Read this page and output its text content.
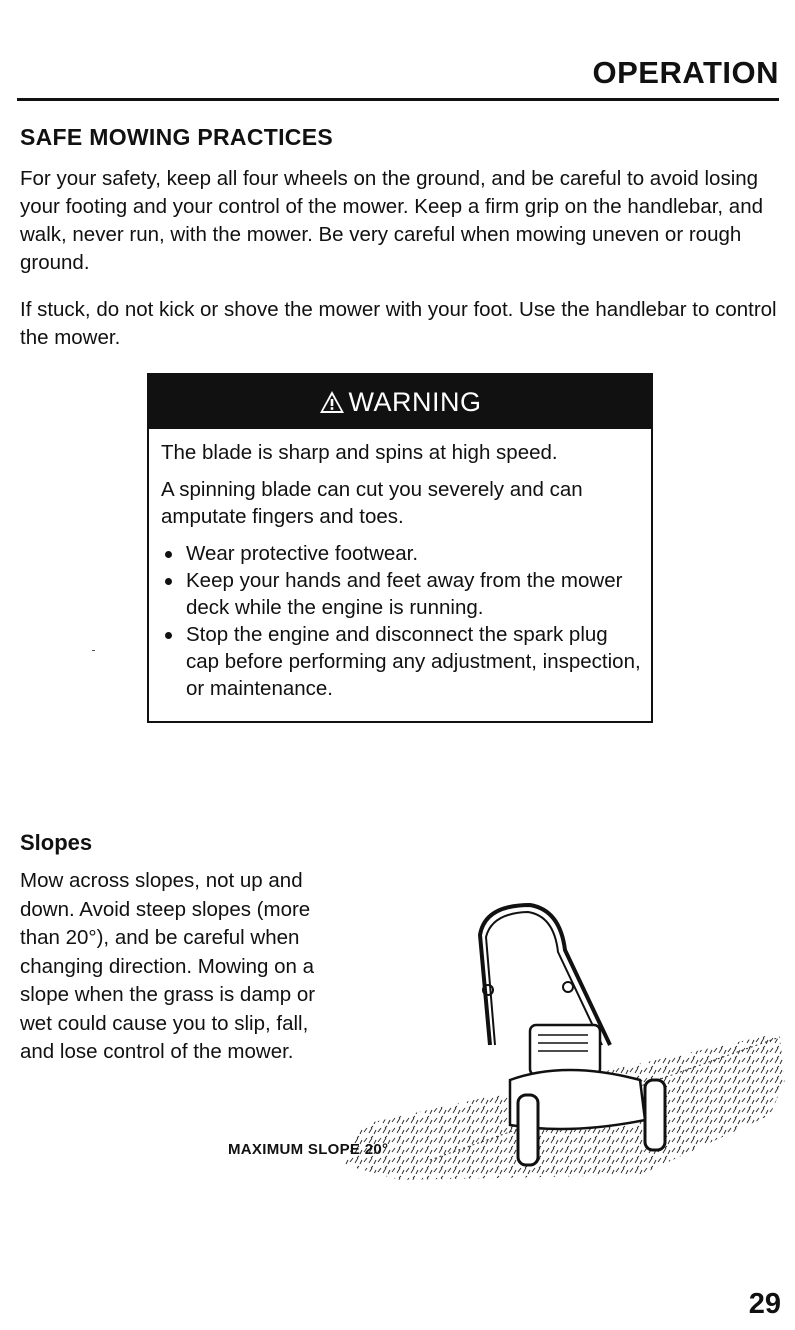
OPERATION
SAFE MOWING PRACTICES
For your safety, keep all four wheels on the ground, and be careful to avoid losing your footing and your control of the mower. Keep a firm grip on the handlebar, and walk, never run, with the mower. Be very careful when mowing uneven or rough ground.
If stuck, do not kick or shove the mower with your foot. Use the handlebar to control the mower.
WARNING

The blade is sharp and spins at high speed.

A spinning blade can cut you severely and can amputate fingers and toes.

Wear protective footwear.
Keep your hands and feet away from the mower deck while the engine is running.
Stop the engine and disconnect the spark plug cap before performing any adjustment, inspection, or maintenance.
Slopes
Mow across slopes, not up and down. Avoid steep slopes (more than 20°), and be careful when changing direction. Mowing on a slope when the grass is damp or wet could cause you to slip, fall, and lose control of the mower.
MAXIMUM SLOPE 20°
29
